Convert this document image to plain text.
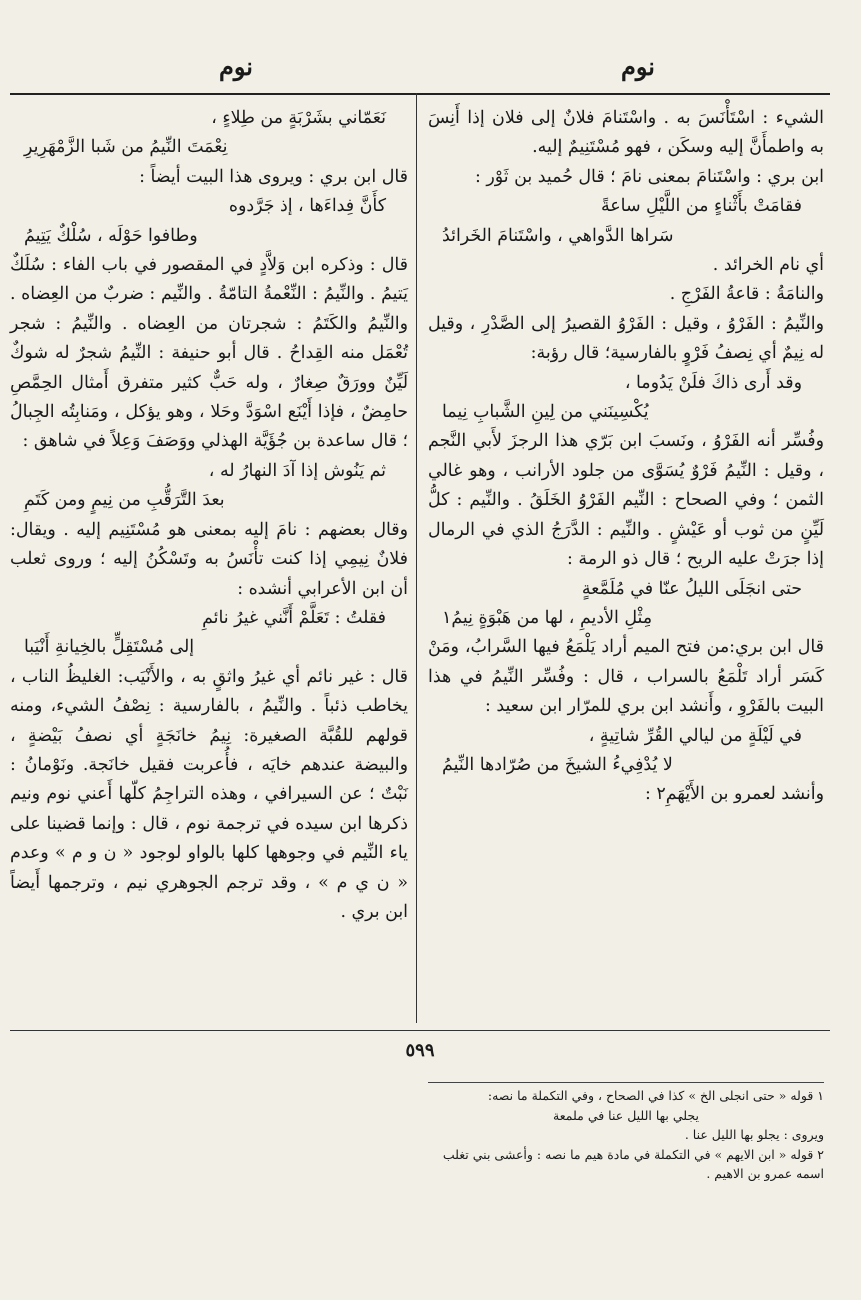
نوم
نوم

الشيء : اسْتَأْنَسَ به . واسْتَنامَ فلانٌ إلى فلان إذا أَنِسَ به واطمأَنَّ إليه وسكَن ، فهو مُسْتَنِيمٌ إليه.

ابن بري : واسْتَنامَ بمعنى نامَ ؛ قال حُميد بن ثَوْر :

فقامَتْ بأَثْناءٍ من اللَّيْلِ ساعةً

سَراها الدَّواهي ، واسْتَنامَ الخَرائدُ

أي نام الخرائد .

والنامَةُ : قاعةُ الفَرْجِ .

والنِّيمُ : الفَرْوُ ، وقيل : الفَرْوُ القصيرُ إلى الصَّدْرِ ، وقيل له نِيمٌ أي نِصفُ فَرْوٍ بالفارسية؛ قال رؤبة:

وقد أَرى ذاكَ فلَنْ يَدُوما ،

يُكْسِينَني من لِينِ الشَّبابِ نِيما

وفُسِّر أنه الفَرْوُ ، ونَسبَ ابن بَرّي هذا الرجزَ لأَبي النَّجم ، وقيل : النِّيمُ فَرْوٌ يُسَوَّى من جلود الأرانب ، وهو غالي الثمن ؛ وفي الصحاح : النِّيم الفَرْوُ الخَلَقُ . والنِّيم : كلُّ لَيِّنٍ من ثوب أو عَيْشٍ . والنِّيم : الدَّرَجُ الذي في الرمال إذا جرَتْ عليه الريح ؛ قال ذو الرمة :

حتى انجَلَى الليلُ عنّا في مُلَمَّعةٍ

مِثْلِ الأديمِ ، لها من هَبْوَةٍ نِيمُ١

قال ابن بري:من فتح الميم أراد يَلْمَعُ فيها السَّرابُ، ومَنْ كَسَر أراد تَلْمَعُ بالسراب ، قال : وفُسِّر النِّيمُ في هذا البيت بالفَرْوِ ، وأَنشد ابن بري للمرّار ابن سعيد :

في لَيْلَةٍ من ليالي القُرِّ شاتِيةٍ ،

لا يُدْفِيءُ الشيخَ من صُرّادها النِّيمُ

وأنشد لعمرو بن الأَيْهَمِ٢ :

نَعَمّاني بشَرْبَةٍ من طِلاءٍ ،

نِعْمَتَ النِّيمُ من شَبا الزَّمْهَرِيرِ

قال ابن بري : ويروى هذا البيت أيضاً :

كأَنَّ فِداءَها ، إذ جَرَّدوه

وطافوا حَوْلَه ، سُلْكٌ يَتِيمُ

قال : وذكره ابن وَلاَّدٍ في المقصور في باب الفاء : سُلَكٌ يَتيمُ . والنِّيمُ : النِّعْمةُ التامّةُ . والنِّيم : ضربٌ من العِضاه . والنِّيمُ والكَتَمُ : شجرتان من العِضاه . والنِّيمُ : شجر تُعْمَل منه القِداحُ . قال أبو حنيفة : النِّيمُ شجرٌ له شوكٌ لَيِّنٌ وورَقٌ صِغارٌ ، وله حَبٌّ كثير متفرق أَمثال الحِمَّصِ حامِضٌ ، فإذا أَيْنَع اسْوَدَّ وحَلا ، وهو يؤكل ، ومَنابِتُه الجِبالُ ؛ قال ساعدة بن جُؤَيَّة الهذلي ووَصَفَ وَعِلاً في شاهق :

ثم يَنُوش إذا آدَ النهارُ له ،

بعدَ التَّرَقُّبِ من نِيمٍ ومن كَتَمِ

وقال بعضهم : نامَ إليه بمعنى هو مُسْتَنِيم إليه . ويقال: فلانٌ نِيمِي إذا كنت تأْنَسُ به وتَسْكُنُ إليه ؛ وروى ثعلب أن ابن الأعرابي أنشده :

فقلتُ : تَعَلَّمْ أَنَّني غيرُ نائمِ

إلى مُسْتَقِلٍّ بالخِيانةِ أَنْيَبا

قال : غير نائم أي غيرُ واثقٍ به ، والأَنْيَب: الغليظُ الناب ، يخاطب ذئباً . والنِّيمُ ، بالفارسية : نِصْفُ الشيء، ومنه قولهم للقُبَّة الصغيرة: نِيمُ خانَجَةٍ أي نصفُ بَيْضةٍ ، والبيضة عندهم خايَه ، فأُعربت فقيل خانَجة. ونَوْمانُ : نَبْتٌ ؛ عن السيرافي ، وهذه التراجِمُ كلّها أَعني نوم ونيم ذكرها ابن سيده في ترجمة نوم ، قال : وإنما قضينا على ياء النِّيم في وجوهها كلها بالواو لوجود « ن و م » وعدم « ن ي م » ، وقد ترجم الجوهري نيم ، وترجمها أَيضاً ابن بري .

١ قوله « حتى انجلى الخ » كذا في الصحاح ، وفي التكملة ما نصه:

يجلي بها الليل عنا في ملمعة

ويروى : يجلو بها الليل عنا .

٢ قوله « ابن الايهم » في التكملة في مادة هيم ما نصه : وأعشى بني تغلب اسمه عمرو بن الاهيم .

٥٩٩
